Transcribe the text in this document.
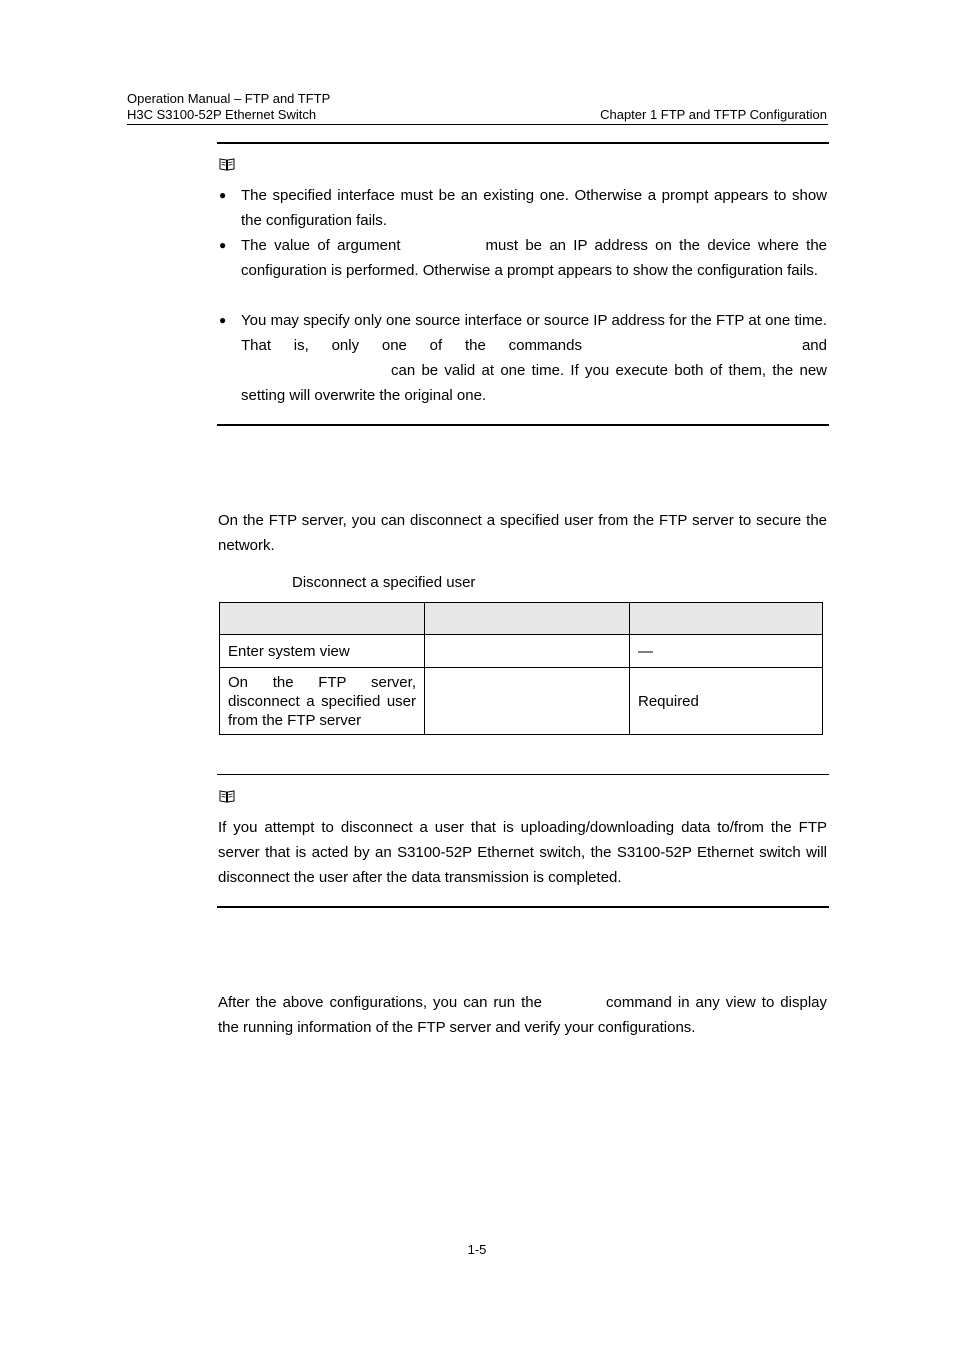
Operation Manual – FTP and TFTP
H3C S3100-52P Ethernet Switch	Chapter 1 FTP and TFTP Configuration
● The specified interface must be an existing one. Otherwise a prompt appears to show the configuration fails.
● The value of argument	must be an IP address on the device where the configuration is performed. Otherwise a prompt appears to show the configuration fails.
● You may specify only one source interface or source IP address for the FTP at one time. That is, only one of the commands	and can be valid at one time. If you execute both of them, the new setting will overwrite the original one.
On the FTP server, you can disconnect a specified user from the FTP server to secure the network.
Disconnect a specified user

Enter system view		—
On the FTP server, disconnect a specified user from the FTP server		Required
If you attempt to disconnect a user that is uploading/downloading data to/from the FTP server that is acted by an S3100-52P Ethernet switch, the S3100-52P Ethernet switch will disconnect the user after the data transmission is completed.
After the above configurations, you can run the	command in any view to display the running information of the FTP server and verify your configurations.
1-5
